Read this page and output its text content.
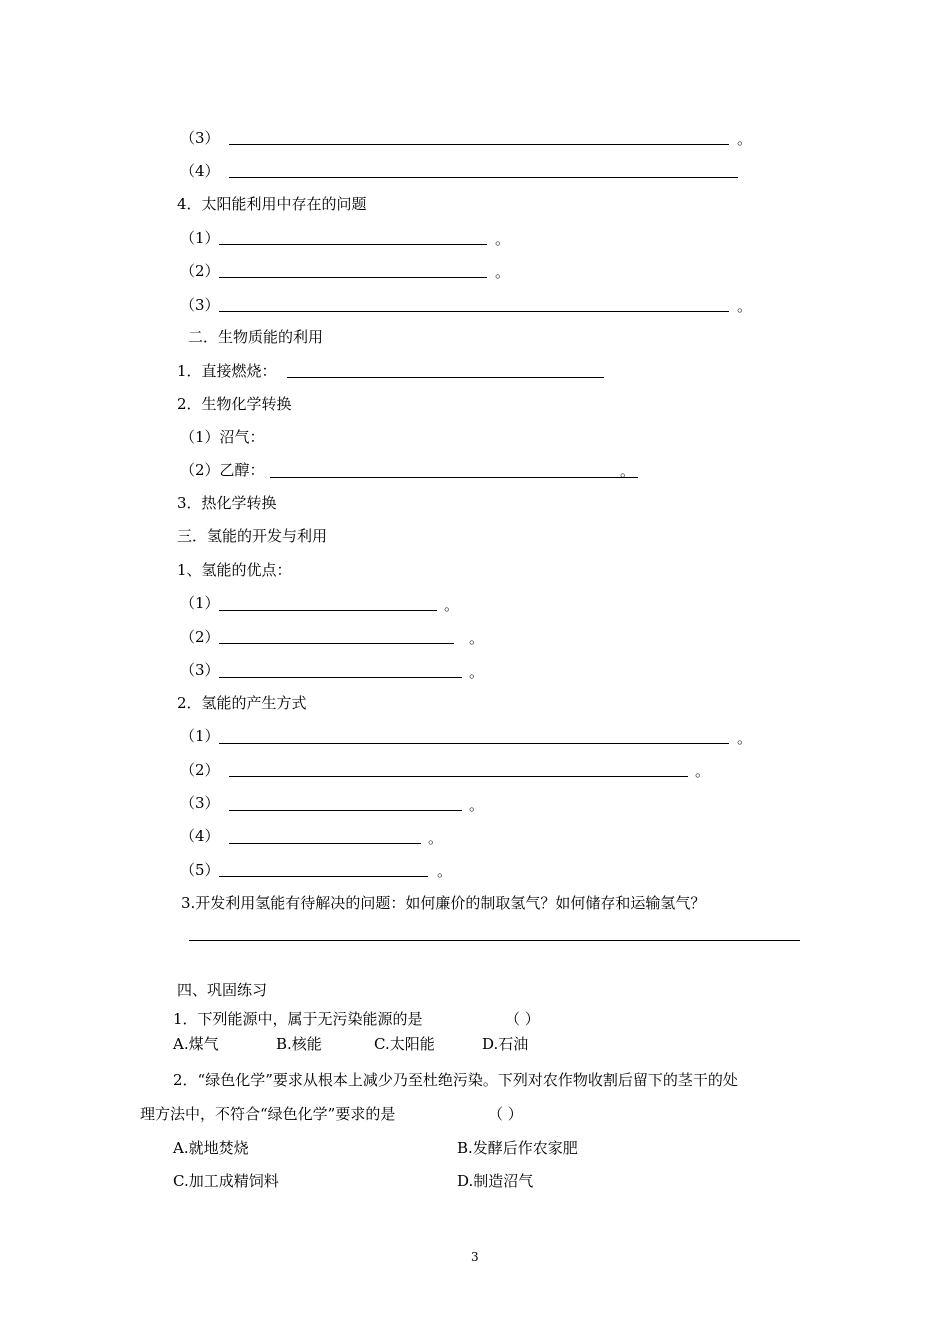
（3）	。
（4）
4．太阳能利用中存在的问题
（1）	。
（2）	。
（3）	。
二．生物质能的利用
1．直接燃烧：
2．生物化学转换
（1）沼气：
（2）乙醇：	。
3．热化学转换
三．氢能的开发与利用
1、氢能的优点：
（1）	。
（2）	。
（3）	。
2．氢能的产生方式
（1）	。
（2）	。
（3）	。
（4）	。
（5）	。
3.开发利用氢能有待解决的问题：如何廉价的制取氢气？如何储存和运输氢气？
四、巩固练习
1．下列能源中，属于无污染能源的是	（ ）
A.煤气	B.核能	C.太阳能	D.石油
2．“绿色化学”要求从根本上减少乃至杜绝污染。下列对农作物收割后留下的茎干的处
理方法中，不符合“绿色化学”要求的是	（ ）
A.就地焚烧	B.发酵后作农家肥
C.加工成精饲料	D.制造沼气
3
